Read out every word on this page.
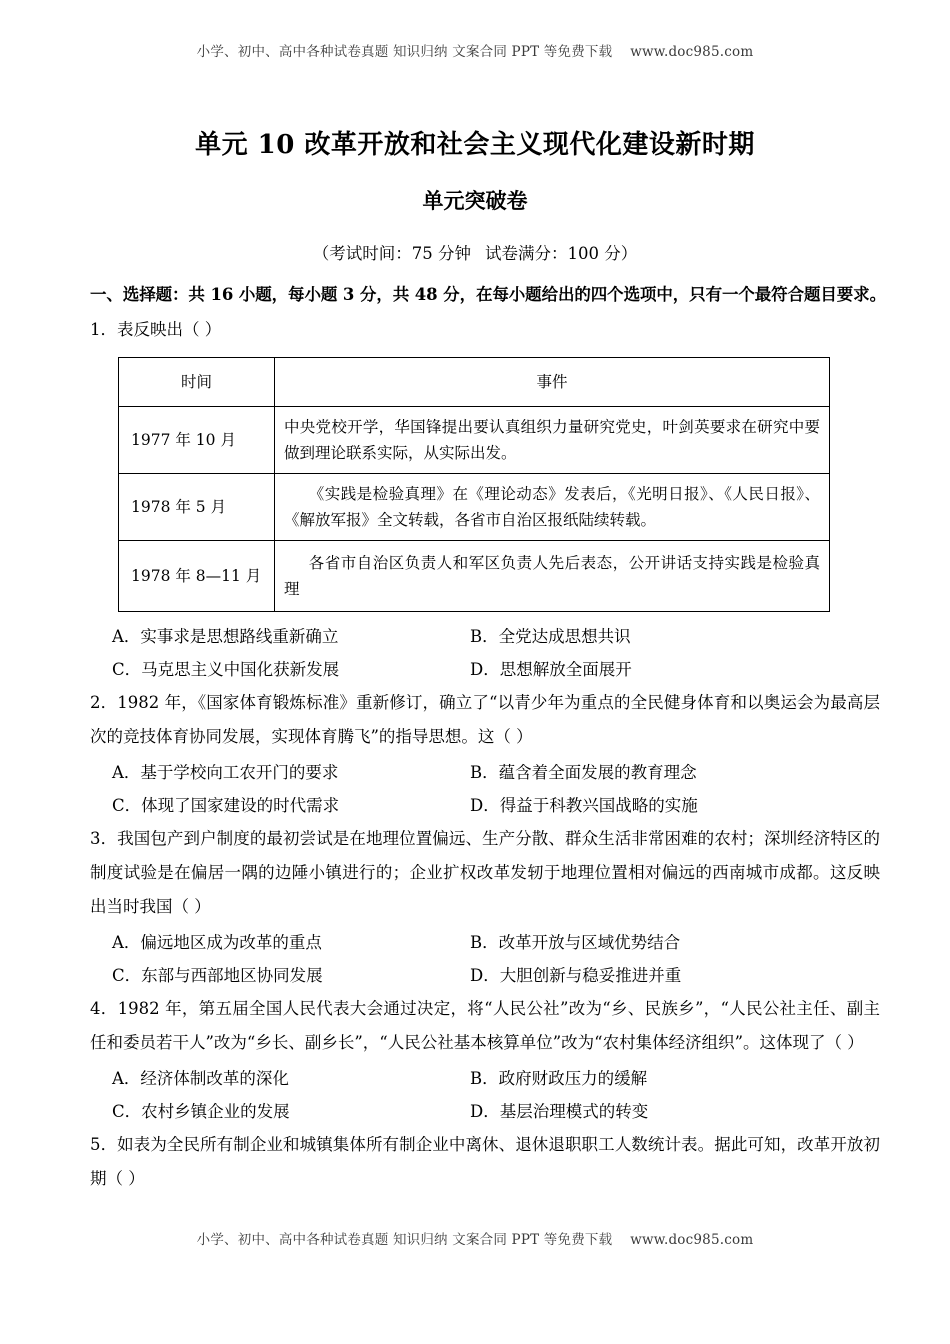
小学、初中、高中各种试卷真题 知识归纳 文案合同 PPT 等免费下载 www.doc985.com
单元 10 改革开放和社会主义现代化建设新时期
单元突破卷
（考试时间：75 分钟 试卷满分：100 分）
一、选择题：共 16 小题，每小题 3 分，共 48 分，在每小题给出的四个选项中，只有一个最符合题目要求。

1．表反映出（ ）

时间	事件
1977 年 10 月	中央党校开学，华国锋提出要认真组织力量研究党史，叶剑英要求在研究中要做到理论联系实际，从实际出发。
1978 年 5 月	《实践是检验真理》在《理论动态》发表后，《光明日报》、《人民日报》、《解放军报》全文转载，各省市自治区报纸陆续转载。
1978 年 8—11 月	各省市自治区负责人和军区负责人先后表态，公开讲话支持实践是检验真理
A．实事求是思想路线重新确立	B．全党达成思想共识
C．马克思主义中国化获新发展	D．思想解放全面展开

2．1982 年，《国家体育锻炼标准》重新修订，确立了“以青少年为重点的全民健身体育和以奥运会为最高层次的竞技体育协同发展，实现体育腾飞”的指导思想。这（ ）

A．基于学校向工农开门的要求	B．蕴含着全面发展的教育理念
C．体现了国家建设的时代需求	D．得益于科教兴国战略的实施

3．我国包产到户制度的最初尝试是在地理位置偏远、生产分散、群众生活非常困难的农村；深圳经济特区的制度试验是在偏居一隅的边陲小镇进行的；企业扩权改革发轫于地理位置相对偏远的西南城市成都。这反映出当时我国（ ）

A．偏远地区成为改革的重点	B．改革开放与区域优势结合
C．东部与西部地区协同发展	D．大胆创新与稳妥推进并重

4．1982 年，第五届全国人民代表大会通过决定，将“人民公社”改为“乡、民族乡”，“人民公社主任、副主任和委员若干人”改为“乡长、副乡长”，“人民公社基本核算单位”改为“农村集体经济组织”。这体现了（ ）

A．经济体制改革的深化	B．政府财政压力的缓解
C．农村乡镇企业的发展	D．基层治理模式的转变

5．如表为全民所有制企业和城镇集体所有制企业中离休、退休退职职工人数统计表。据此可知，改革开放初期（ ）

小学、初中、高中各种试卷真题 知识归纳 文案合同 PPT 等免费下载 www.doc985.com
